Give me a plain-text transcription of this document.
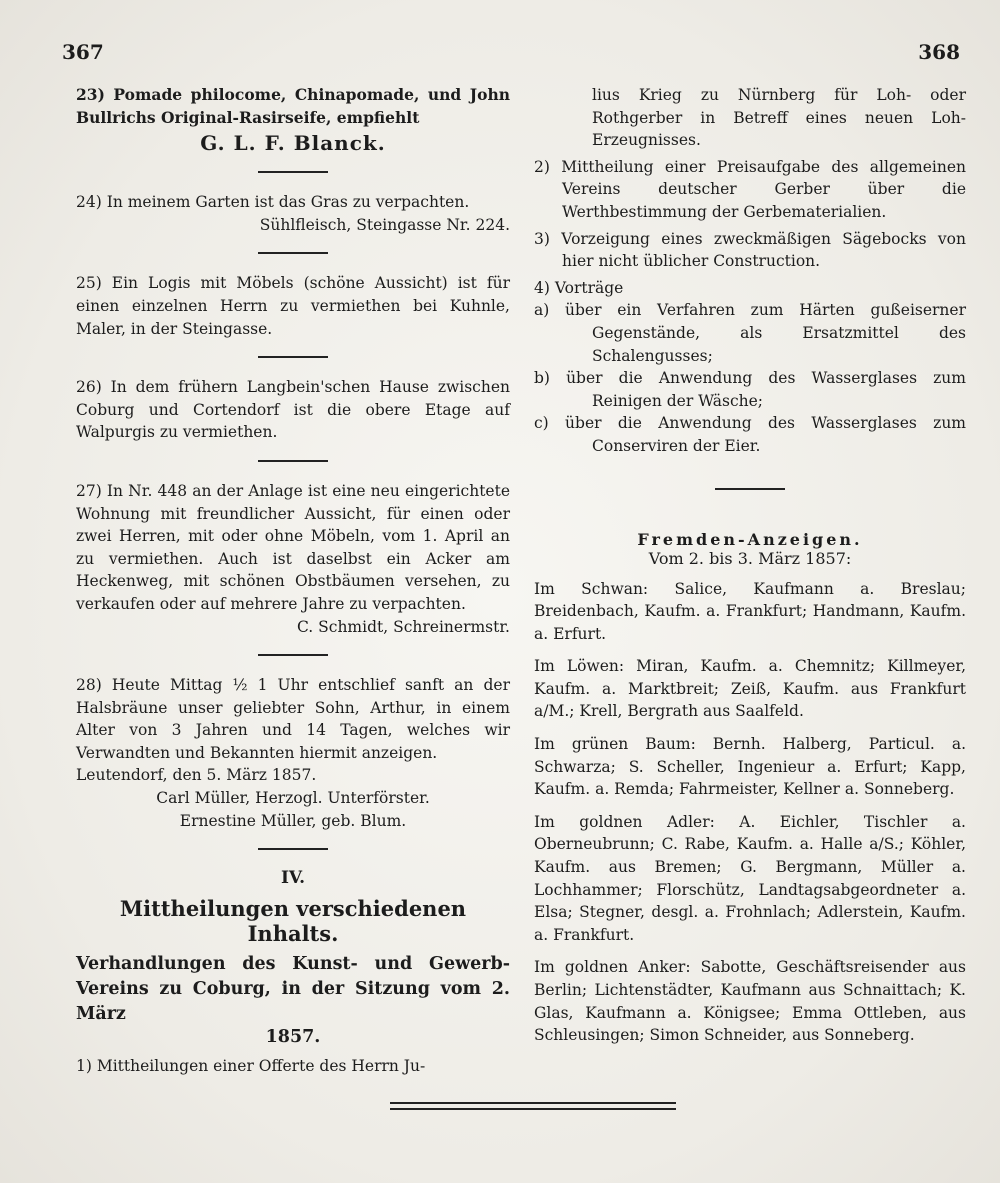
367	368

23) Pomade philocome, Chinapomade, und John Bullrichs Original-Rasirseife, empfiehlt

G. L. F. Blanck.

24) In meinem Garten ist das Gras zu verpachten.

Sühlfleisch, Steingasse Nr. 224.

25) Ein Logis mit Möbels (schöne Aussicht) ist für einen einzelnen Herrn zu vermiethen bei Kuhnle, Maler, in der Steingasse.

26) In dem frühern Langbein'schen Hause zwischen Coburg und Cortendorf ist die obere Etage auf Walpurgis zu vermiethen.

27) In Nr. 448 an der Anlage ist eine neu eingerichtete Wohnung mit freundlicher Aussicht, für einen oder zwei Herren, mit oder ohne Möbeln, vom 1. April an zu vermiethen. Auch ist daselbst ein Acker am Heckenweg, mit schönen Obstbäumen versehen, zu verkaufen oder auf mehrere Jahre zu verpachten.

C. Schmidt, Schreinermstr.

28) Heute Mittag ½ 1 Uhr entschlief sanft an der Halsbräune unser geliebter Sohn, Arthur, in einem Alter von 3 Jahren und 14 Tagen, welches wir Verwandten und Bekannten hiermit anzeigen.

Leutendorf, den 5. März 1857.

Carl Müller, Herzogl. Unterförster.

Ernestine Müller, geb. Blum.

IV.
Mittheilungen verschiedenen Inhalts.
Verhandlungen des Kunst- und Gewerb-Vereins zu Coburg, in der Sitzung vom 2. März
1857.

1) Mittheilungen einer Offerte des Herrn Ju-

lius Krieg zu Nürnberg für Loh- oder Rothgerber in Betreff eines neuen Loh-Erzeugnisses.

2) Mittheilung einer Preisaufgabe des allgemeinen Vereins deutscher Gerber über die Werthbestimmung der Gerbematerialien.

3) Vorzeigung eines zweckmäßigen Sägebocks von hier nicht üblicher Construction.

4) Vorträge

a) über ein Verfahren zum Härten gußeiserner Gegenstände, als Ersatzmittel des Schalengusses;

b) über die Anwendung des Wasserglases zum Reinigen der Wäsche;

c) über die Anwendung des Wasserglases zum Conserviren der Eier.

Fremden-Anzeigen.
Vom 2. bis 3. März 1857:

Im Schwan: Salice, Kaufmann a. Breslau; Breidenbach, Kaufm. a. Frankfurt; Handmann, Kaufm. a. Erfurt.

Im Löwen: Miran, Kaufm. a. Chemnitz; Killmeyer, Kaufm. a. Marktbreit; Zeiß, Kaufm. aus Frankfurt a/M.; Krell, Bergrath aus Saalfeld.

Im grünen Baum: Bernh. Halberg, Particul. a. Schwarza; S. Scheller, Ingenieur a. Erfurt; Kapp, Kaufm. a. Remda; Fahrmeister, Kellner a. Sonneberg.

Im goldnen Adler: A. Eichler, Tischler a. Oberneubrunn; C. Rabe, Kaufm. a. Halle a/S.; Köhler, Kaufm. aus Bremen; G. Bergmann, Müller a. Lochhammer; Florschütz, Landtagsabgeordneter a. Elsa; Stegner, desgl. a. Frohnlach; Adlerstein, Kaufm. a. Frankfurt.

Im goldnen Anker: Sabotte, Geschäftsreisender aus Berlin; Lichtenstädter, Kaufmann aus Schnaittach; K. Glas, Kaufmann a. Königsee; Emma Ottleben, aus Schleusingen; Simon Schneider, aus Sonneberg.
